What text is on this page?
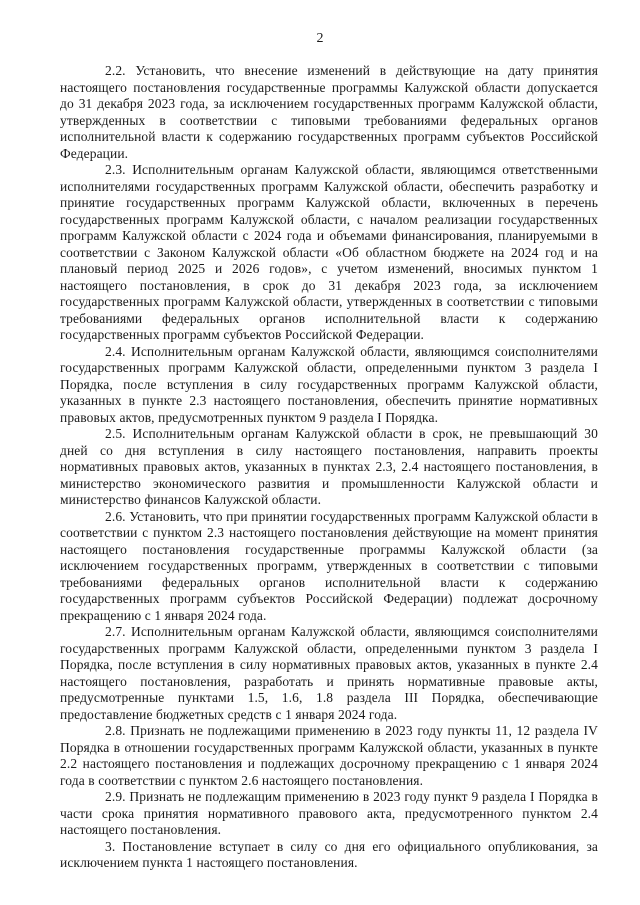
2

2.2. Установить, что внесение изменений в действующие на дату принятия настоящего постановления государственные программы Калужской области допускается до 31 декабря 2023 года, за исключением государственных программ Калужской области, утвержденных в соответствии с типовыми требованиями федеральных органов исполнительной власти к содержанию государственных программ субъектов Российской Федерации.

2.3. Исполнительным органам Калужской области, являющимся ответственными исполнителями государственных программ Калужской области, обеспечить разработку и принятие государственных программ Калужской области, включенных в перечень государственных программ Калужской области, с началом реализации государственных программ Калужской области с 2024 года и объемами финансирования, планируемыми в соответствии с Законом Калужской области «Об областном бюджете на 2024 год и на плановый период 2025 и 2026 годов», с учетом изменений, вносимых пунктом 1 настоящего постановления, в срок до 31 декабря 2023 года, за исключением государственных программ Калужской области, утвержденных в соответствии с типовыми требованиями федеральных органов исполнительной власти к содержанию государственных программ субъектов Российской Федерации.

2.4. Исполнительным органам Калужской области, являющимся соисполнителями государственных программ Калужской области, определенными пунктом 3 раздела I Порядка, после вступления в силу государственных программ Калужской области, указанных в пункте 2.3 настоящего постановления, обеспечить принятие нормативных правовых актов, предусмотренных пунктом 9 раздела I Порядка.

2.5. Исполнительным органам Калужской области в срок, не превышающий 30 дней со дня вступления в силу настоящего постановления, направить проекты нормативных правовых актов, указанных в пунктах 2.3, 2.4 настоящего постановления, в министерство экономического развития и промышленности Калужской области и министерство финансов Калужской области.

2.6. Установить, что при принятии государственных программ Калужской области в соответствии с пунктом 2.3 настоящего постановления действующие на момент принятия настоящего постановления государственные программы Калужской области (за исключением государственных программ, утвержденных в соответствии с типовыми требованиями федеральных органов исполнительной власти к содержанию государственных программ субъектов Российской Федерации) подлежат досрочному прекращению с 1 января 2024 года.

2.7. Исполнительным органам Калужской области, являющимся соисполнителями государственных программ Калужской области, определенными пунктом 3 раздела I Порядка, после вступления в силу нормативных правовых актов, указанных в пункте 2.4 настоящего постановления, разработать и принять нормативные правовые акты, предусмотренные пунктами 1.5, 1.6, 1.8 раздела III Порядка, обеспечивающие предоставление бюджетных средств с 1 января 2024 года.

2.8. Признать не подлежащими применению в 2023 году пункты 11, 12 раздела IV Порядка в отношении государственных программ Калужской области, указанных в пункте 2.2 настоящего постановления и подлежащих досрочному прекращению с 1 января 2024 года в соответствии с пунктом 2.6 настоящего постановления.

2.9. Признать не подлежащим применению в 2023 году пункт 9 раздела I Порядка в части срока принятия нормативного правового акта, предусмотренного пунктом 2.4 настоящего постановления.

3. Постановление вступает в силу со дня его официального опубликования, за исключением пункта 1 настоящего постановления.
